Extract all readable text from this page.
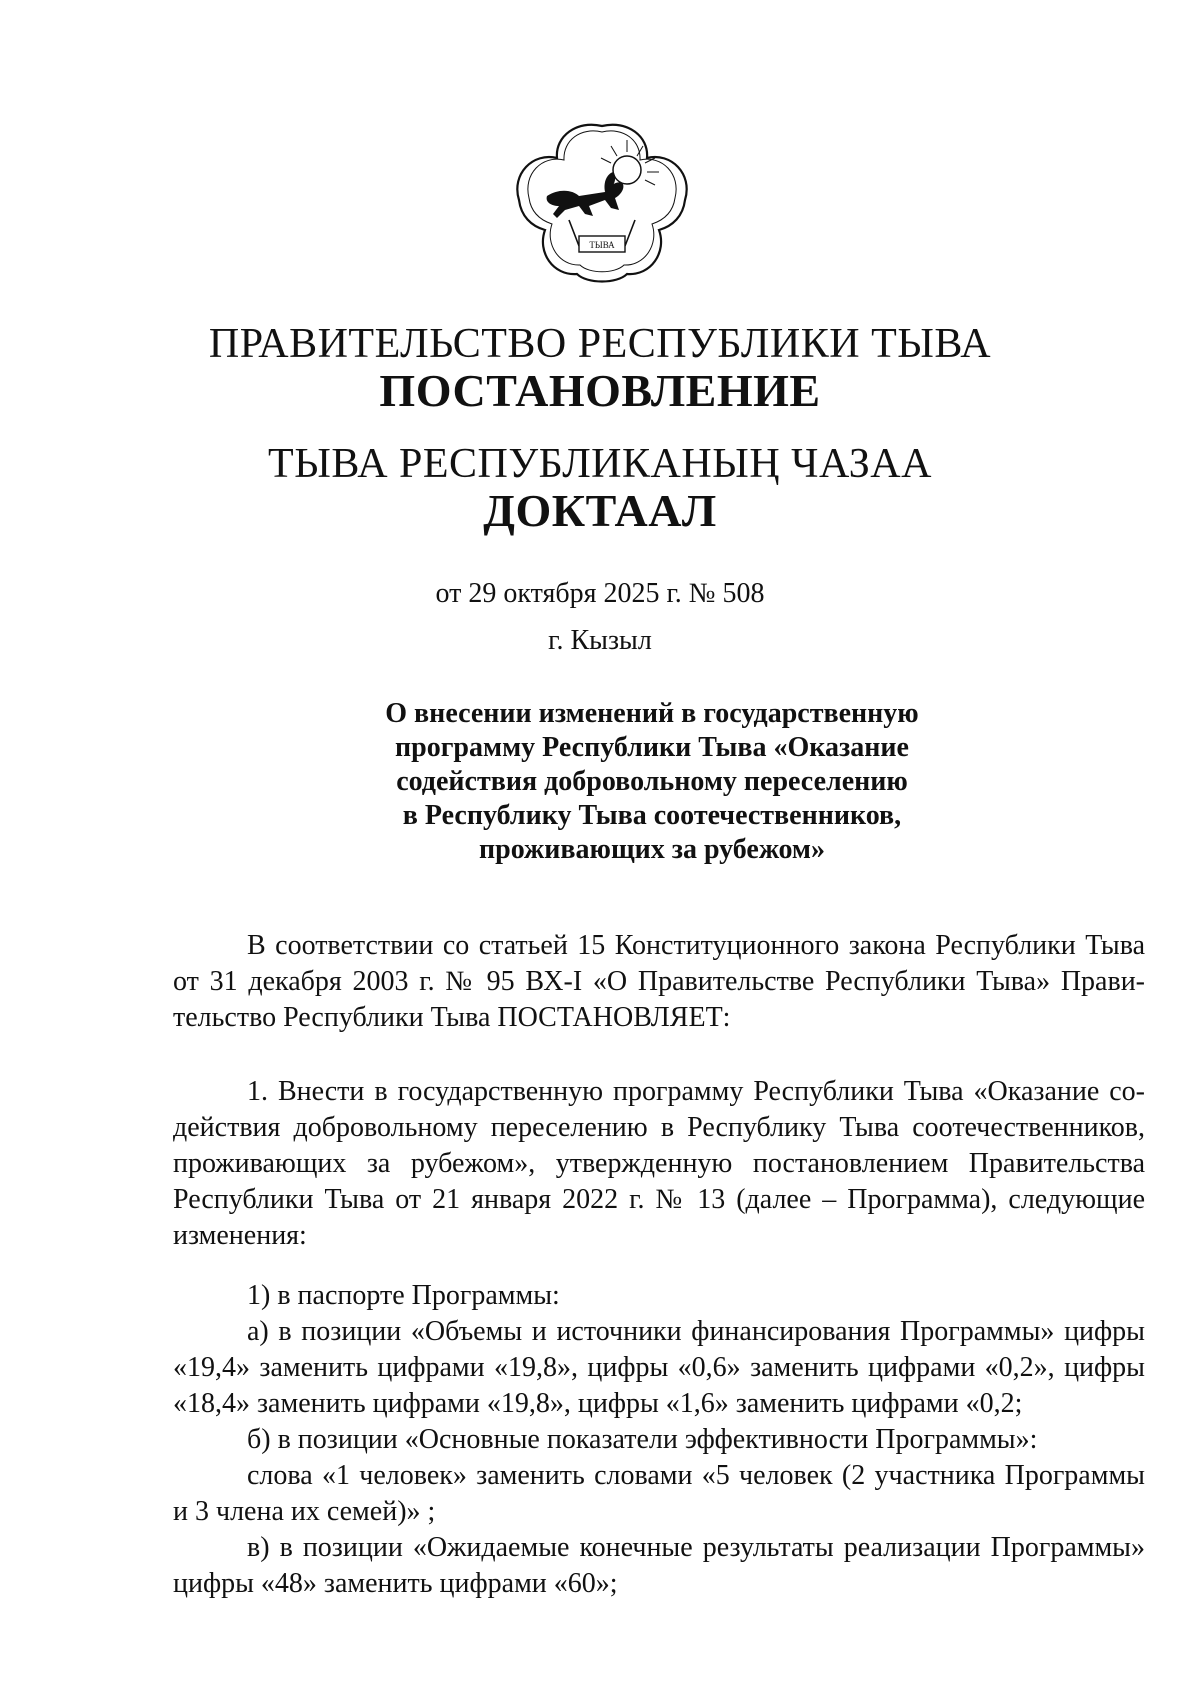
ТЫВА
ПРАВИТЕЛЬСТВО РЕСПУБЛИКИ ТЫВА
ПОСТАНОВЛЕНИЕ
ТЫВА РЕСПУБЛИКАНЫҢ ЧАЗАА
ДОКТААЛ
от 29 октября 2025 г. № 508
г. Кызыл
О внесении изменений в государственную
программу Республики Тыва «Оказание
содействия добровольному переселению
в Республику Тыва соотечественников,
проживающих за рубежом»
В соответствии со статьей 15 Конституционного закона Республики Тыва
от 31 декабря 2003 г. № 95 ВХ-I «О Правительстве Республики Тыва» Прави-
тельство Республики Тыва ПОСТАНОВЛЯЕТ:
1. Внести в государственную программу Республики Тыва «Оказание со-
действия добровольному переселению в Республику Тыва соотечественников,
проживающих за рубежом», утвержденную постановлением Правительства
Республики Тыва от 21 января 2022 г. № 13 (далее – Программа), следующие
изменения:
1) в паспорте Программы:
а) в позиции «Объемы и источники финансирования Программы» цифры
«19,4» заменить цифрами «19,8», цифры «0,6» заменить цифрами «0,2», цифры
«18,4» заменить цифрами «19,8», цифры «1,6» заменить цифрами «0,2;
б) в позиции «Основные показатели эффективности Программы»:
слова «1 человек» заменить словами «5 человек (2 участника Программы
и 3 члена их семей)» ;
в) в позиции «Ожидаемые конечные результаты реализации Программы»
цифры «48» заменить цифрами «60»;
